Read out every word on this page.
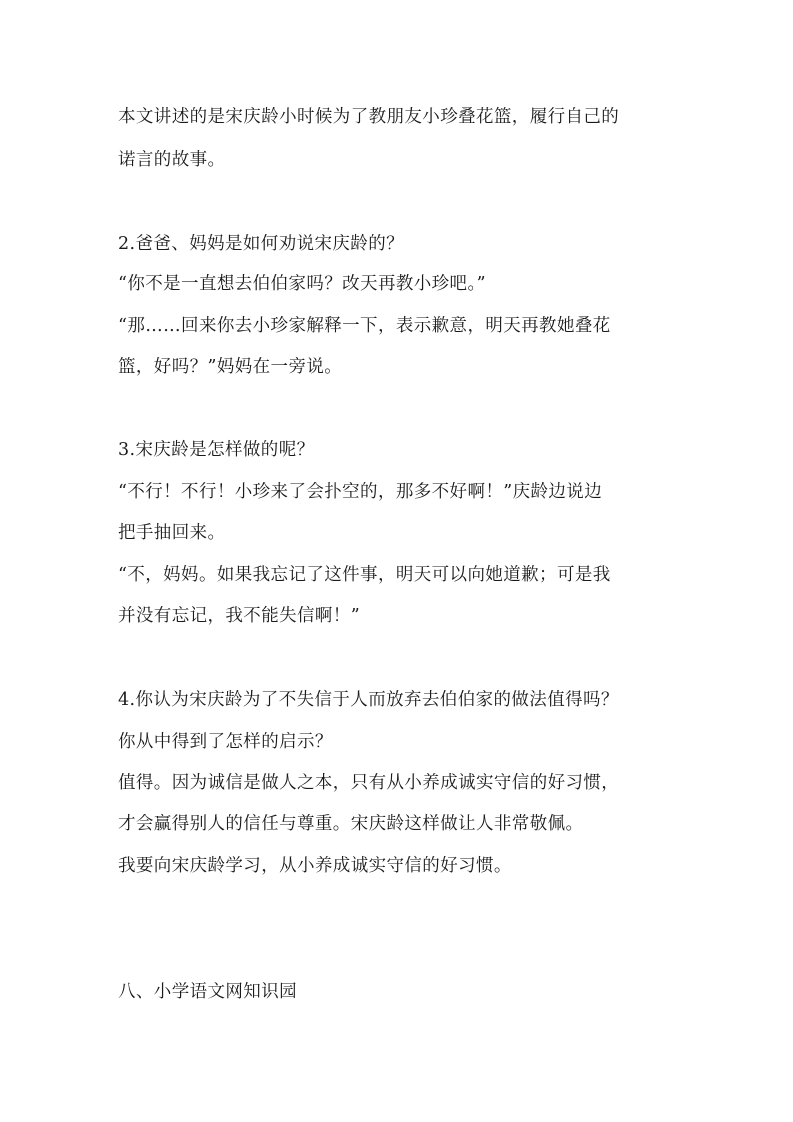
本文讲述的是宋庆龄小时候为了教朋友小珍叠花篮，履行自己的
诺言的故事。
2.爸爸、妈妈是如何劝说宋庆龄的？
“你不是一直想去伯伯家吗？改天再教小珍吧。”
“那……回来你去小珍家解释一下，表示歉意，明天再教她叠花
篮，好吗？”妈妈在一旁说。
3.宋庆龄是怎样做的呢？
“不行！不行！小珍来了会扑空的，那多不好啊！”庆龄边说边
把手抽回来。
“不，妈妈。如果我忘记了这件事，明天可以向她道歉；可是我
并没有忘记，我不能失信啊！”
4.你认为宋庆龄为了不失信于人而放弃去伯伯家的做法值得吗？
你从中得到了怎样的启示？
值得。因为诚信是做人之本，只有从小养成诚实守信的好习惯，
才会赢得别人的信任与尊重。宋庆龄这样做让人非常敬佩。
我要向宋庆龄学习，从小养成诚实守信的好习惯。
八、小学语文网知识园
